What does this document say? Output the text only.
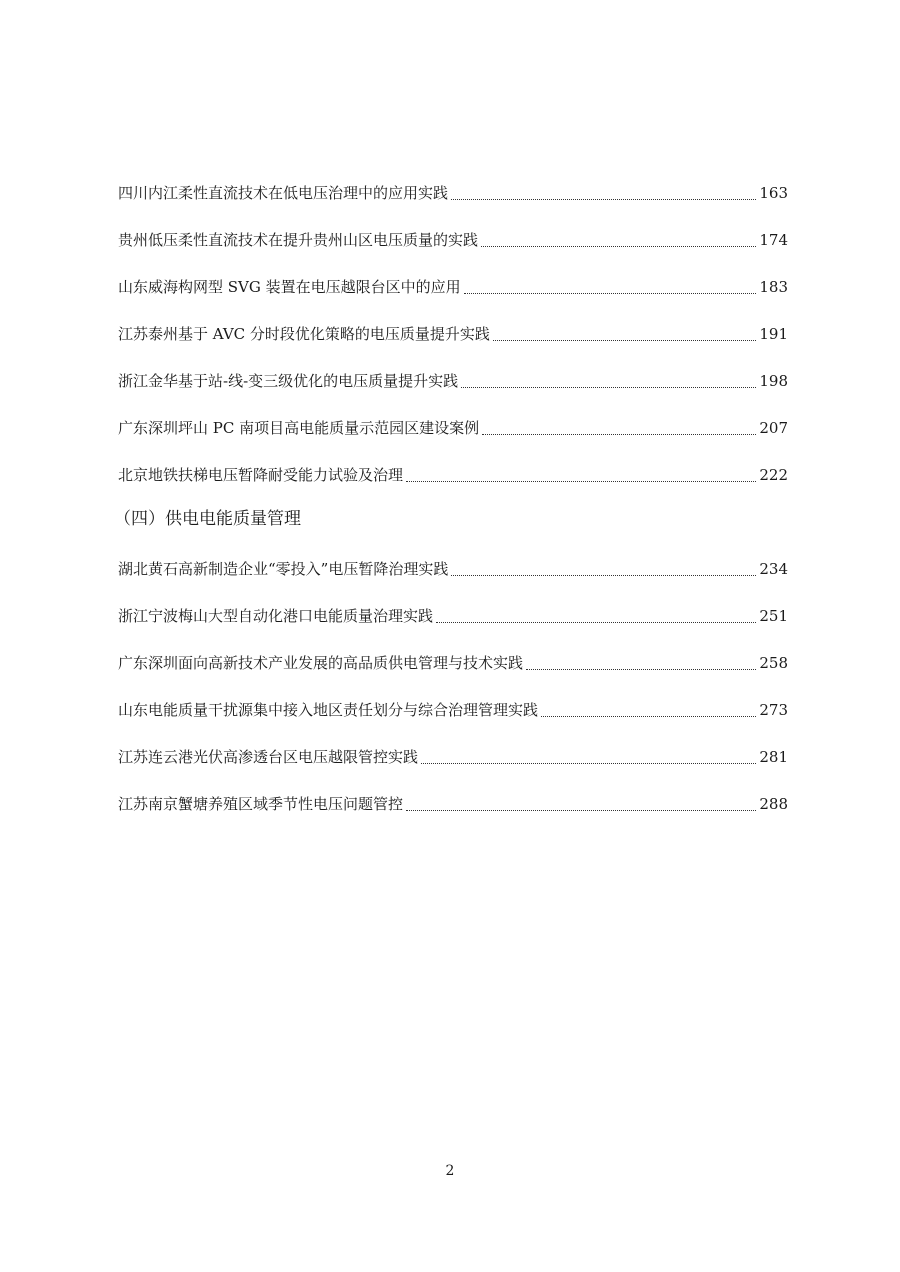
四川内江柔性直流技术在低电压治理中的应用实践	163
贵州低压柔性直流技术在提升贵州山区电压质量的实践	174
山东威海构网型 SVG 装置在电压越限台区中的应用	183
江苏泰州基于 AVC 分时段优化策略的电压质量提升实践	191
浙江金华基于站-线-变三级优化的电压质量提升实践	198
广东深圳坪山 PC 南项目高电能质量示范园区建设案例	207
北京地铁扶梯电压暂降耐受能力试验及治理	222
（四）供电电能质量管理
湖北黄石高新制造企业“零投入”电压暂降治理实践	234
浙江宁波梅山大型自动化港口电能质量治理实践	251
广东深圳面向高新技术产业发展的高品质供电管理与技术实践	258
山东电能质量干扰源集中接入地区责任划分与综合治理管理实践	273
江苏连云港光伏高渗透台区电压越限管控实践	281
江苏南京蟹塘养殖区域季节性电压问题管控	288
2
